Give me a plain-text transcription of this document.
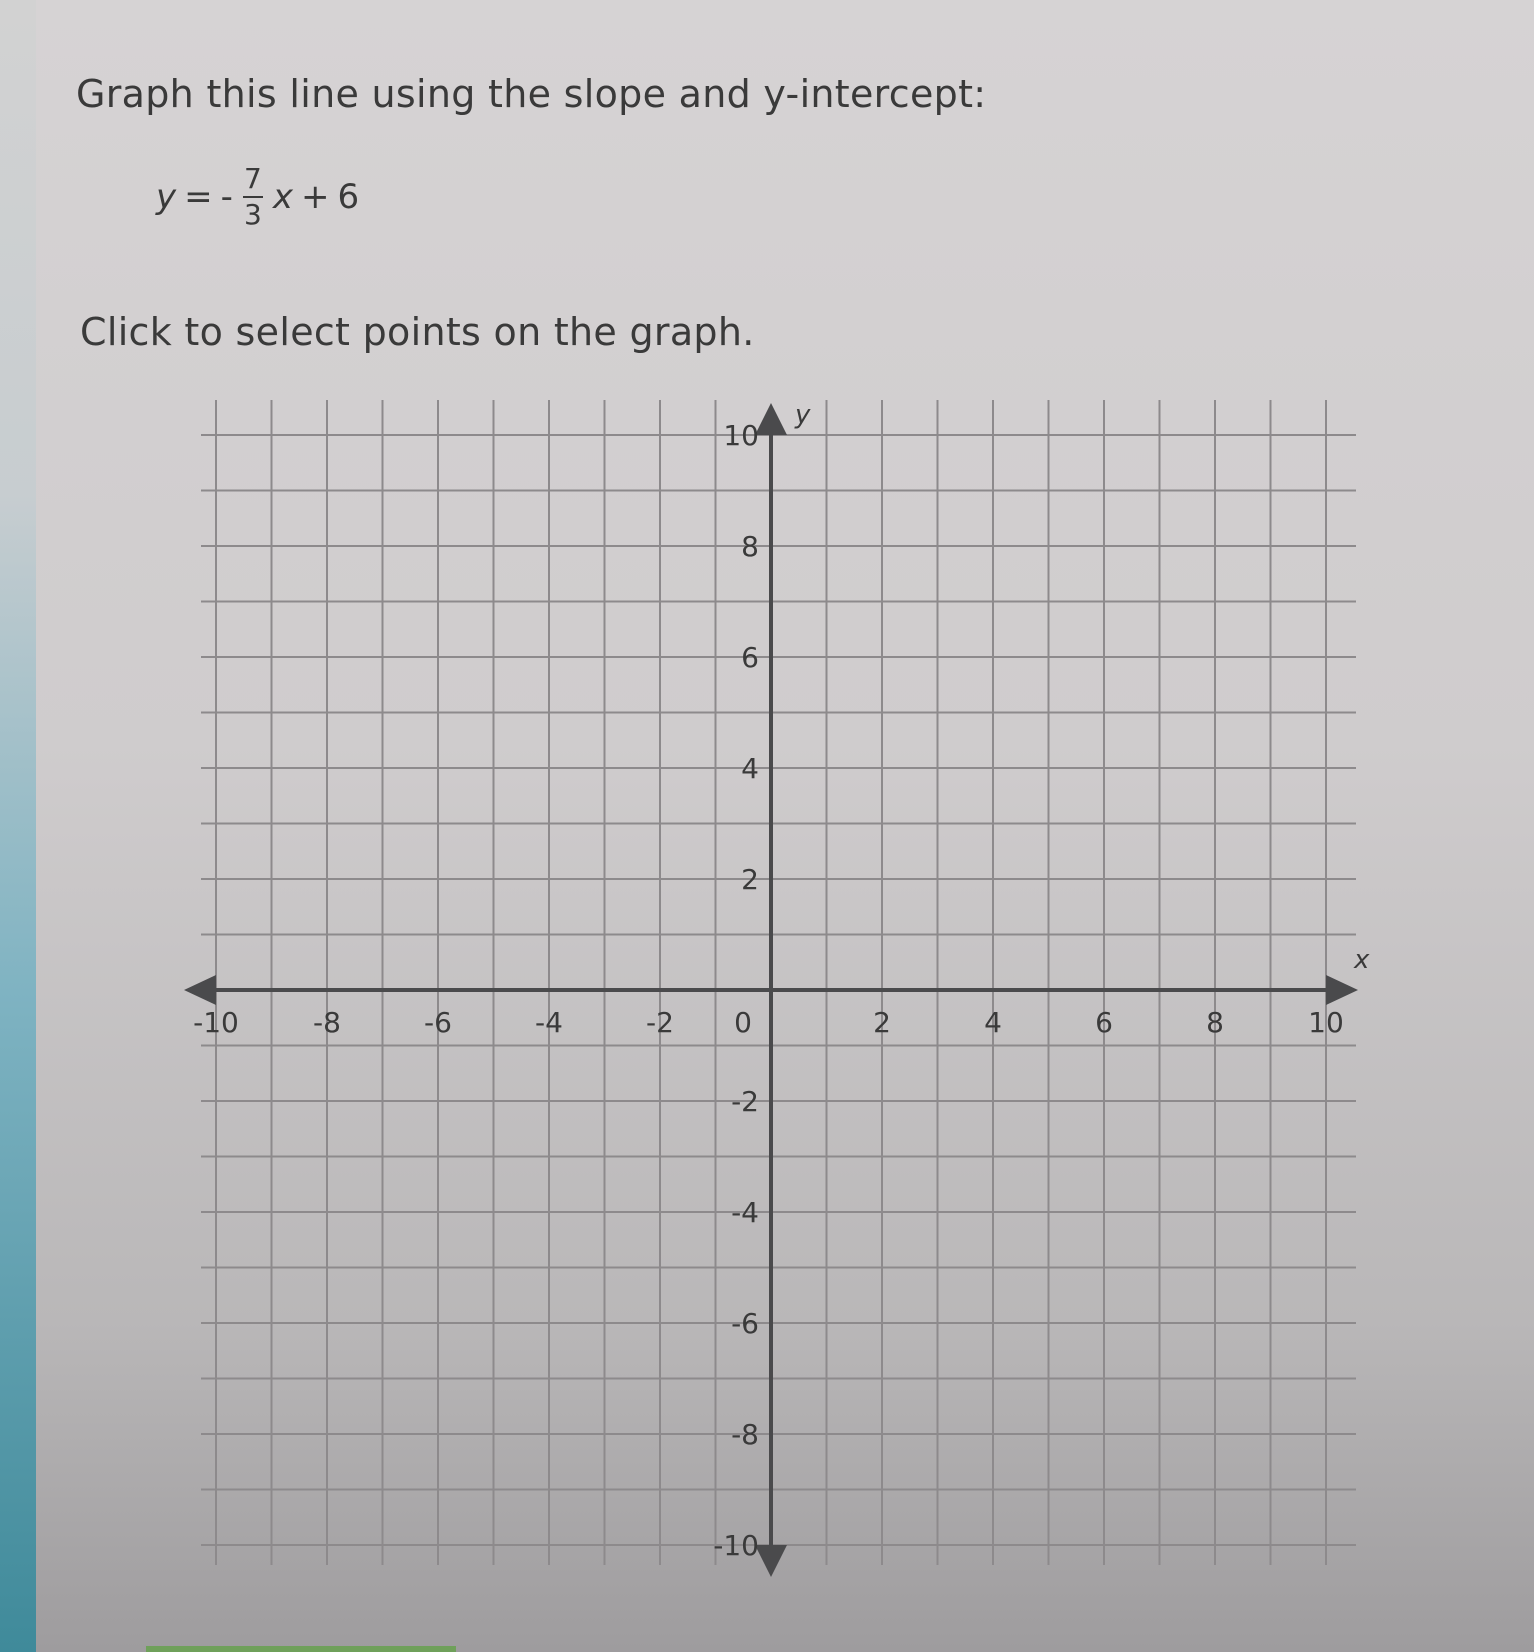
Graph this line using the slope and y-intercept:
y = - $\frac{7}{3}$ x + 6
Click to select points on the graph.
x
y
-10	-8	-6	-4	-2 0	2	4	6	8	10
10
8
6
4
2
-2
-4
-6
-8
-10
